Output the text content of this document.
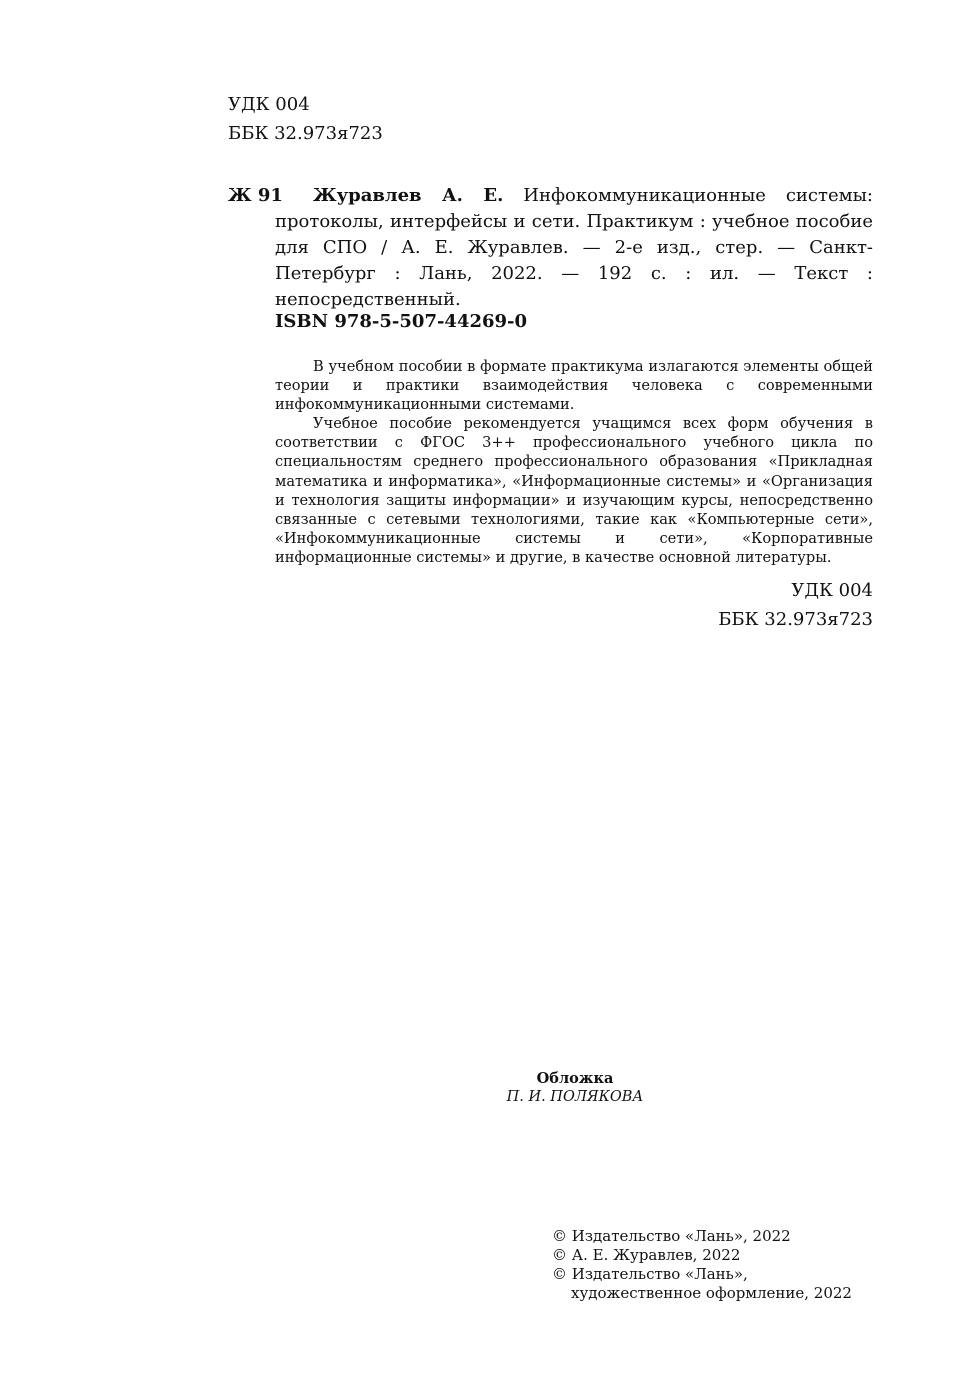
УДК 004
ББК 32.973я723
Ж 91	Журавлев А. Е. Инфокоммуникационные системы: протоколы, интерфейсы и сети. Практикум : учебное пособие для СПО / А. Е. Журавлев. — 2-е изд., стер. — Санкт-Петербург : Лань, 2022. — 192 с. : ил. — Текст : непосредственный.
ISBN 978-5-507-44269-0

В учебном пособии в формате практикума излагаются элементы общей теории и практики взаимодействия человека с современными инфокоммуникационными системами.

Учебное пособие рекомендуется учащимся всех форм обучения в соответствии с ФГОС 3++ профессионального учебного цикла по специальностям среднего профессионального образования «Прикладная математика и информатика», «Информационные системы» и «Организация и технология защиты информации» и изучающим курсы, непосредственно связанные с сетевыми технологиями, такие как «Компьютерные сети», «Инфокоммуникационные системы и сети», «Корпоративные информационные системы» и другие, в качестве основной литературы.

УДК 004
ББК 32.973я723
Обложка
П. И. ПОЛЯКОВА
© Издательство «Лань», 2022
© А. Е. Журавлев, 2022
© Издательство «Лань»,
художественное оформление, 2022
